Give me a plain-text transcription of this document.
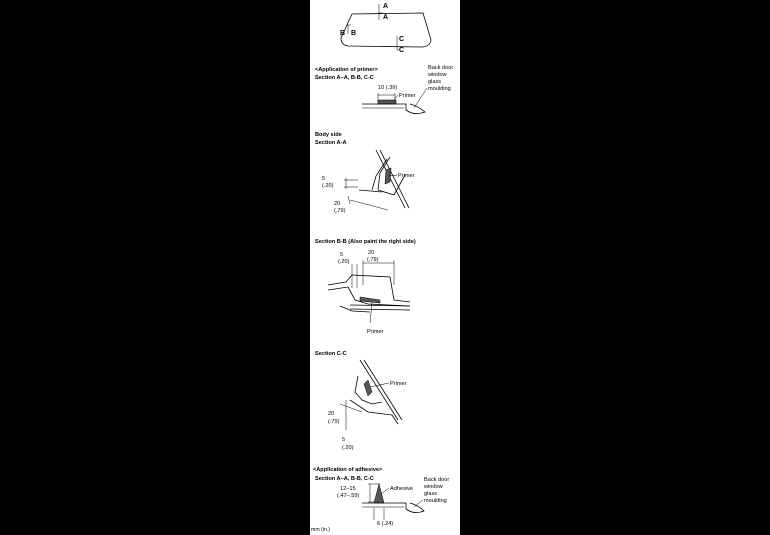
A
A
B B
C
C
<Application of primer>
Section A–A, B-B, C-C
10 (.39)
Primer
Back door
window
glass
moulding
Body side
Section A-A
Primer
5
(.20)
20
(.79)
Section B-B (Also paint the right side)
5
(.20)
20
(.79)
Primer
Section C-C
Primer
20
(.79)
5
(.20)
<Application of adhesive>
Section A–A, B-B, C-C
12–15
(.47–.59)
Adhesive
Back door
window
glass
moulding
6 (.24)
mm (in.)
